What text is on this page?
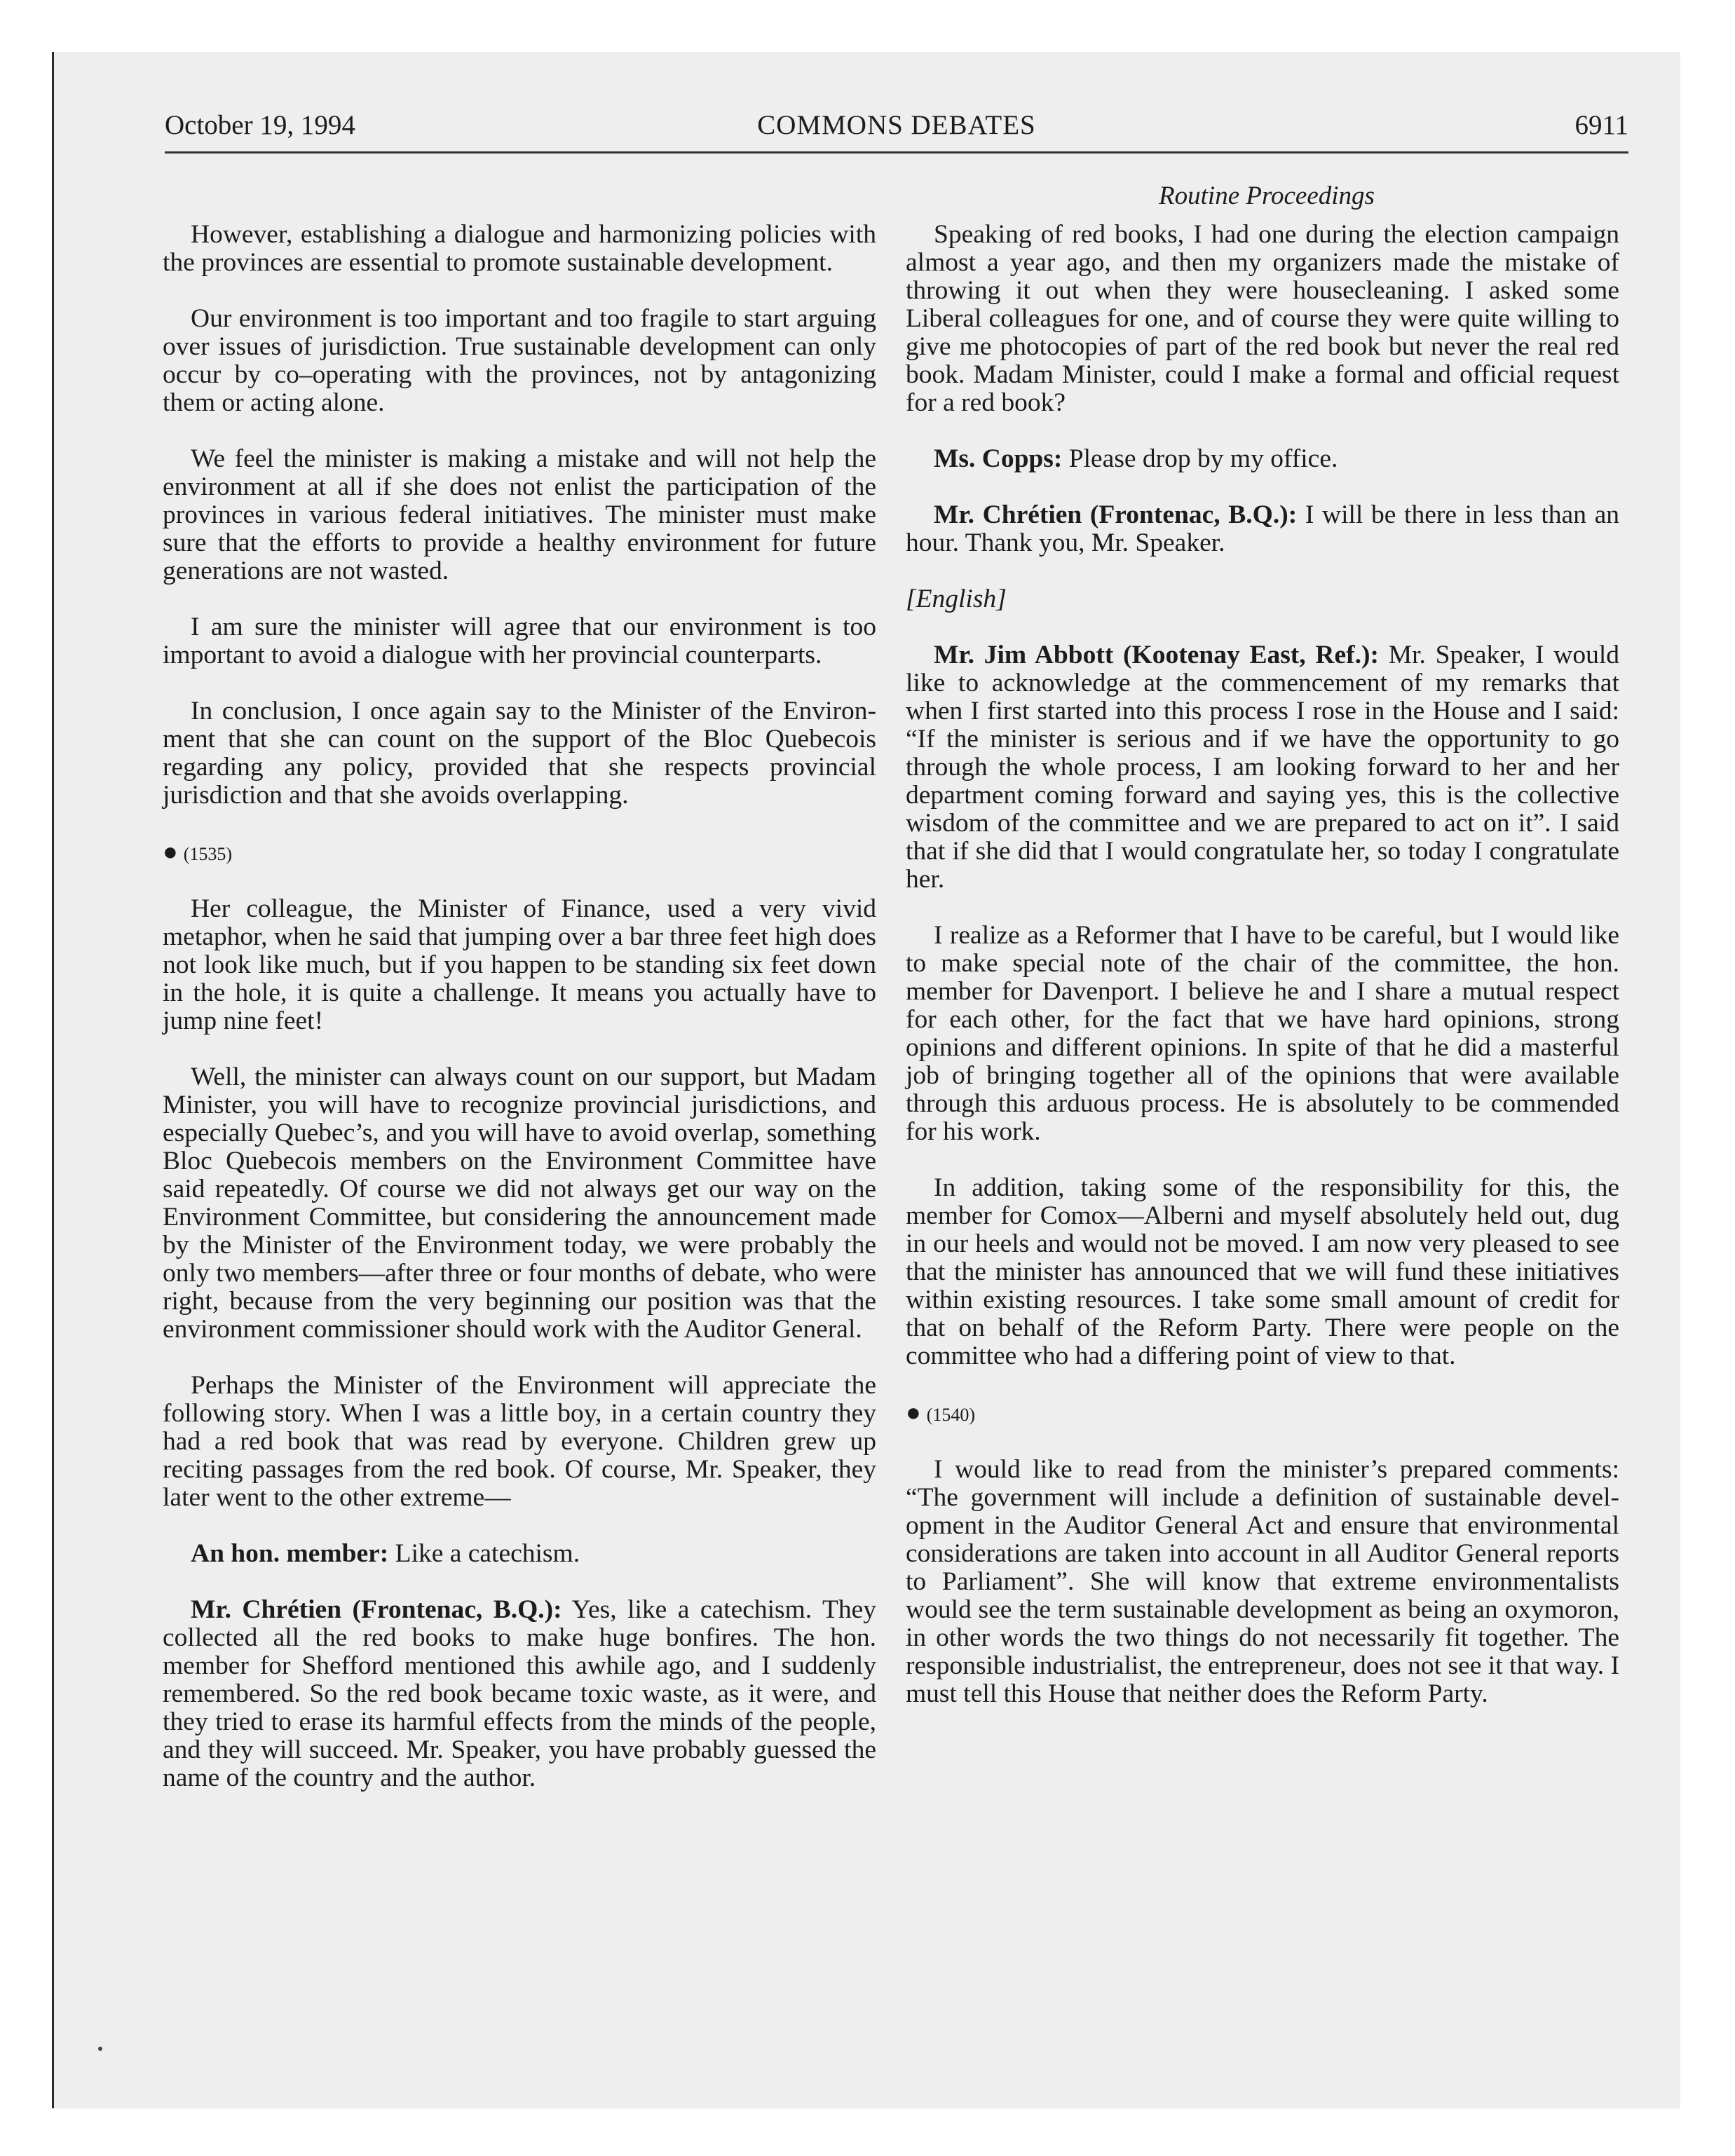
October 19, 1994	COMMONS DEBATES	6911
Routine Proceedings

However, establishing a dialogue and harmonizing policies with the provinces are essential to promote sustainable development.

Our environment is too important and too fragile to start arguing over issues of jurisdiction. True sustainable development can only occur by co–operating with the provinces, not by antagonizing them or acting alone.

We feel the minister is making a mistake and will not help the environment at all if she does not enlist the participation of the provinces in various federal initiatives. The minister must make sure that the efforts to provide a healthy environment for future generations are not wasted.

I am sure the minister will agree that our environment is too important to avoid a dialogue with her provincial counterparts.

In conclusion, I once again say to the Minister of the Environment that she can count on the support of the Bloc Quebecois regarding any policy, provided that she respects provincial jurisdiction and that she avoids overlapping.

● (1535)

Her colleague, the Minister of Finance, used a very vivid metaphor, when he said that jumping over a bar three feet high does not look like much, but if you happen to be standing six feet down in the hole, it is quite a challenge. It means you actually have to jump nine feet!

Well, the minister can always count on our support, but Madam Minister, you will have to recognize provincial jurisdictions, and especially Quebec’s, and you will have to avoid overlap, something Bloc Quebecois members on the Environment Committee have said repeatedly. Of course we did not always get our way on the Environment Committee, but considering the announcement made by the Minister of the Environment today, we were probably the only two members—after three or four months of debate, who were right, because from the very beginning our position was that the environment commissioner should work with the Auditor General.

Perhaps the Minister of the Environment will appreciate the following story. When I was a little boy, in a certain country they had a red book that was read by everyone. Children grew up reciting passages from the red book. Of course, Mr. Speaker, they later went to the other extreme—

An hon. member: Like a catechism.

Mr. Chrétien (Frontenac, B.Q.): Yes, like a catechism. They collected all the red books to make huge bonfires. The hon. member for Shefford mentioned this awhile ago, and I suddenly remembered. So the red book became toxic waste, as it were, and they tried to erase its harmful effects from the minds of the people, and they will succeed. Mr. Speaker, you have probably guessed the name of the country and the author.

Speaking of red books, I had one during the election campaign almost a year ago, and then my organizers made the mistake of throwing it out when they were housecleaning. I asked some Liberal colleagues for one, and of course they were quite willing to give me photocopies of part of the red book but never the real red book. Madam Minister, could I make a formal and official request for a red book?

Ms. Copps: Please drop by my office.

Mr. Chrétien (Frontenac, B.Q.): I will be there in less than an hour. Thank you, Mr. Speaker.

[English]

Mr. Jim Abbott (Kootenay East, Ref.): Mr. Speaker, I would like to acknowledge at the commencement of my remarks that when I first started into this process I rose in the House and I said: “If the minister is serious and if we have the opportunity to go through the whole process, I am looking forward to her and her department coming forward and saying yes, this is the collective wisdom of the committee and we are prepared to act on it”. I said that if she did that I would congratulate her, so today I congratulate her.

I realize as a Reformer that I have to be careful, but I would like to make special note of the chair of the committee, the hon. member for Davenport. I believe he and I share a mutual respect for each other, for the fact that we have hard opinions, strong opinions and different opinions. In spite of that he did a masterful job of bringing together all of the opinions that were available through this arduous process. He is absolutely to be commended for his work.

In addition, taking some of the responsibility for this, the member for Comox—Alberni and myself absolutely held out, dug in our heels and would not be moved. I am now very pleased to see that the minister has announced that we will fund these initiatives within existing resources. I take some small amount of credit for that on behalf of the Reform Party. There were people on the committee who had a differing point of view to that.

● (1540)

I would like to read from the minister’s prepared comments: “The government will include a definition of sustainable development in the Auditor General Act and ensure that environmental considerations are taken into account in all Auditor General reports to Parliament”. She will know that extreme environmentalists would see the term sustainable development as being an oxymoron, in other words the two things do not necessarily fit together. The responsible industrialist, the entrepreneur, does not see it that way. I must tell this House that neither does the Reform Party.
